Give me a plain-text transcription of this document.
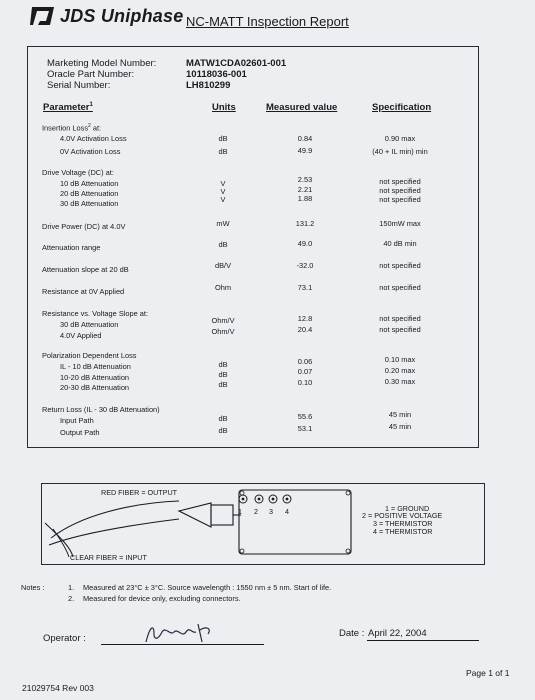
JDS Uniphase NC-MATT Inspection Report
Marketing Model Number:	MATW1CDA02601-001
Oracle Part Number:	10118036-001
Serial Number:	LH810299
Parameter$^1$	Units	Measured value	Specification
Insertion Loss$^2$ at:
4.0V Activation Loss	dB	0.84	0.90 max
0V Activation Loss	dB	49.9	(40 + IL min) min
Drive Voltage (DC) at:
10 dB Attenuation	V	2.53	not specified
20 dB Attenuation	V	2.21	not specified
30 dB Attenuation	V	1.88	not specified
Drive Power (DC) at 4.0V	mW	131.2	150mW max
Attenuation range	dB	49.0	40 dB min
Attenuation slope at 20 dB	dB/V	-32.0	not specified
Resistance at 0V Applied	Ohm	73.1	not specified
Resistance vs. Voltage Slope at:
30 dB Attenuation	Ohm/V	12.8	not specified
4.0V Applied	Ohm/V	20.4	not specified
Polarization Dependent Loss
IL - 10 dB Attenuation	dB	0.06	0.10 max
10-20 dB Attenuation	dB	0.07	0.20 max
20-30 dB Attenuation	dB	0.10	0.30 max
Return Loss (IL - 30 dB Attenuation)
Input Path	dB	55.6	45 min
Output Path	dB	53.1	45 min
RED FIBER = OUTPUT
CLEAR FIBER = INPUT
1 2 3 4	1 = GROUND
2 = POSITIVE VOLTAGE
3 = THERMISTOR
4 = THERMISTOR
Notes :	1. Measured at 23°C ± 3°C. Source wavelength : 1550 nm ± 5 nm. Start of life.
2. Measured for device only, excluding connectors.
Operator :	Date : April 22, 2004
21029754 Rev 003
Page 1 of 1
